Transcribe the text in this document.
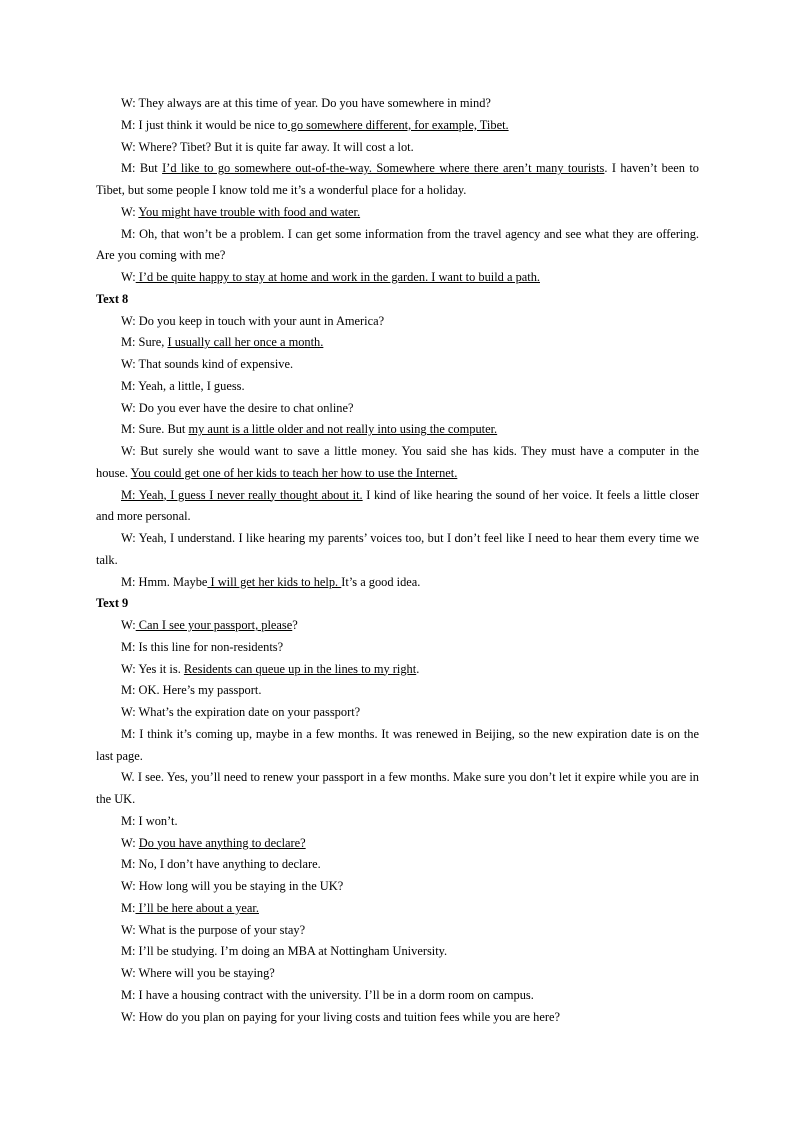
W: They always are at this time of year. Do you have somewhere in mind?

M: I just think it would be nice to go somewhere different, for example, Tibet.

W: Where? Tibet? But it is quite far away. It will cost a lot.

M: But I’d like to go somewhere out-of-the-way. Somewhere where there aren’t many tourists. I haven’t been to Tibet, but some people I know told me it’s a wonderful place for a holiday.

W: You might have trouble with food and water.

M: Oh, that won’t be a problem. I can get some information from the travel agency and see what they are offering. Are you coming with me?

W: I’d be quite happy to stay at home and work in the garden. I want to build a path.

Text 8

W: Do you keep in touch with your aunt in America?

M: Sure, I usually call her once a month.

W: That sounds kind of expensive.

M: Yeah, a little, I guess.

W: Do you ever have the desire to chat online?

M: Sure. But my aunt is a little older and not really into using the computer.

W: But surely she would want to save a little money. You said she has kids. They must have a computer in the house. You could get one of her kids to teach her how to use the Internet.

M: Yeah, I guess I never really thought about it. I kind of like hearing the sound of her voice. It feels a little closer and more personal.

W: Yeah, I understand. I like hearing my parents’ voices too, but I don’t feel like I need to hear them every time we talk.

M: Hmm. Maybe I will get her kids to help. It’s a good idea.

Text 9

W: Can I see your passport, please?

M: Is this line for non-residents?

W: Yes it is. Residents can queue up in the lines to my right.

M: OK. Here’s my passport.

W: What’s the expiration date on your passport?

M: I think it’s coming up, maybe in a few months. It was renewed in Beijing, so the new expiration date is on the last page.

W. I see. Yes, you’ll need to renew your passport in a few months. Make sure you don’t let it expire while you are in the UK.

M: I won’t.

W: Do you have anything to declare?

M: No, I don’t have anything to declare.

W: How long will you be staying in the UK?

M: I’ll be here about a year.

W: What is the purpose of your stay?

M: I’ll be studying. I’m doing an MBA at Nottingham University.

W: Where will you be staying?

M: I have a housing contract with the university. I’ll be in a dorm room on campus.

W: How do you plan on paying for your living costs and tuition fees while you are here?
